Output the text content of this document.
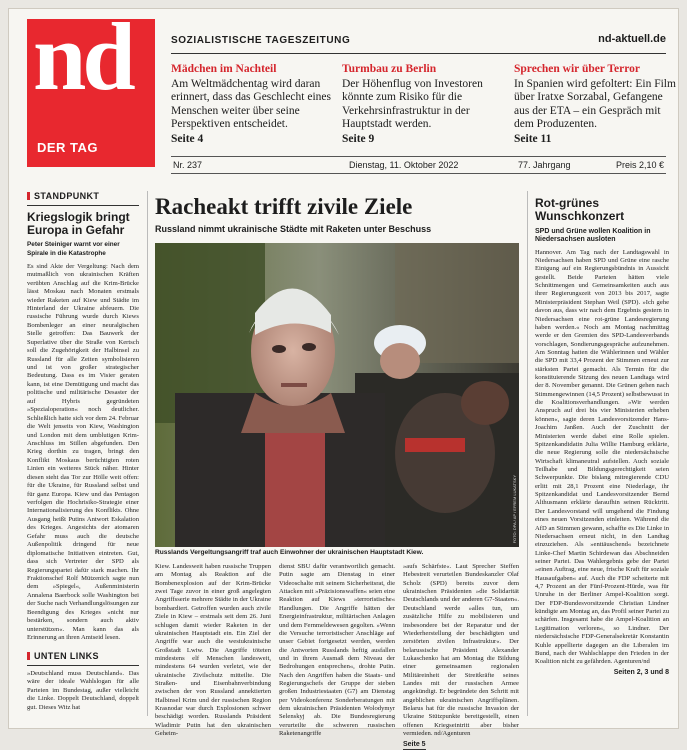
nd
DER TAG
SOZIALISTISCHE TAGESZEITUNG	nd-aktuell.de
Mädchen im Nachteil
Am Weltmädchentag wird daran erinnert, dass das Geschlecht eines Menschen weiter über seine Perspektiven entscheidet.
Seite 4
Turmbau zu Berlin
Der Höhenflug von Investoren könnte zum Risiko für die Verkehrsinfrastruktur in der Hauptstadt werden.
Seite 9
Sprechen wir über Terror
In Spanien wird gefoltert: Ein Film über Iratxe Sorzabal, Gefangene aus der ETA – ein Gespräch mit dem Produzenten.
Seite 11
Nr. 237	Dienstag, 11. Oktober 2022	77. Jahrgang	Preis 2,10 €
STANDPUNKT
Kriegslogik bringt Europa in Gefahr
Peter Steiniger warnt vor einer Spirale in die Katastrophe
Es sind Akte der Vergeltung: Nach dem mutmaßlich von ukrainischen Kräften verübten Anschlag auf die Krim-Brücke lässt Moskau nach Monaten erstmals wieder Raketen auf Kiew und Städte im Hinterland der Ukraine abfeuern. Die russische Führung wurde durch Kiews Bombenleger an einer neuralgischen Stelle getroffen: Das Bauwerk der Superlative über die Straße von Kertsch soll die Zugehörigkeit der Halbinsel zu Russland für alle Zeiten symbolisieren und ist von großer strategischer Bedeutung. Dass es im Visier geraten kann, ist eine Demütigung und macht das politische und militärische Desaster der auf Hybris gegründeten »Spezialoperation« noch deutlicher. Schließlich hatte sich vor dem 24. Februar die Welt jenseits von Kiew, Washington und London mit dem umblutigen Krim-Anschluss im Stillen abgefunden. Den Krieg dorthin zu tragen, bringt den Konflikt Moskaus berüchtigten roten Linien ein weiteres Stück näher. Hinter diesen steht das Tor zur Hölle weit offen: für die Ukraine, für Russland selbst und für ganz Europa. Kiew und das Pentagon verfolgen die Hochrisiko-Strategie einer Internationalisierung des Konflikts. Ohne Ausgang heißt Putins Antwort Eskalation des Krieges. Angesichts der atomaren Gefahr muss auch die deutsche Außenpolitik dringend für neue diplomatische Initiativen eintreten. Gut, dass sich Vertreter der SPD als Regierungspartei dafür stark machen. Ihr Fraktionschef Rolf Mützenich sagte nun dem »Spiegel«, Außenministerin Annalena Baerbock solle Washington bei der Suche nach Verhandlungslösungen zur Beendigung des Krieges »nicht nur bestärken, sondern auch aktiv unterstützen«. Man kann das als Erinnerung an ihren Amtseid lesen.
UNTEN LINKS
»Deutschland muss Deutschland«. Das wäre der ideale Wahlslogan für alle Parteien im Bundestag, außer vielleicht die Linke. Doppelt Deutschland, doppelt gut. Dieses Witz hat
Racheakt trifft zivile Ziele
Russland nimmt ukrainische Städte mit Raketen unter Beschuss
FOTO: DPA / AP / EFREM LUKATSKY
Russlands Vergeltungsangriff traf auch Einwohner der ukrainischen Hauptstadt Kiew.
Kiew. Landesweit haben russische Truppen am Montag als Reaktion auf die Bombenexplosion auf der Krim-Brücke zwei Tage zuvor in einer groß angelegten Angriffsserie mehrere Städte in der Ukraine bombardiert. Getroffen wurden auch zivile Ziele in Kiew – erstmals seit dem 26. Juni schlugen damit wieder Raketen in der ukrainischen Hauptstadt ein. Ein Ziel der Angriffe war auch die westukrainische Großstadt Lwiw. Die Angriffe töteten mindestens elf Menschen landesweit, mindestens 64 wurden verletzt, wie der ukrainische Zivilschutz mitteilte. Die Straßen- und Eisenbahnverbindung zwischen der von Russland annektierten Halbinsel Krim und der russischen Region Krasnodar war durch Explosionen schwer beschädigt worden. Russlands Präsident Wladimir Putin hat den ukrainischen Geheim-
dienst SBU dafür verantwortlich gemacht. Putin sagte am Dienstag in einer Videoschalte mit seinem Sicherheitsrat, die Attacken mit »Präzisionswaffen« seien eine Reaktion auf Kiews »terroristische« Handlungen. Die Angriffe hätten der Energieinfrastruktur, militärischen Anlagen und dem Fernmeldewesen gegolten. »Wenn die Versuche terroristischer Anschläge auf unser Gebiet fortgesetzt werden, werden die Antworten Russlands heftig ausfallen und in ihrem Ausmaß dem Niveau der Bedrohungen entsprechen«, drohte Putin. Nach den Angriffen haben die Staats- und Regierungschefs der Gruppe der sieben großen Industriestaaten (G7) am Dienstag per Videokonferenz Sonderberatungen mit dem ukrainischen Präsidenten Wolodymyr Selenskyj ab. Die Bundesregierung verurteilte die schweren russischen Raketenangriffe
»aufs Schärfste«. Laut Sprecher Steffen Hebestreit verurteilen Bundeskanzler Olaf Scholz (SPD) bereits zuvor dem ukrainischen Präsidenten »die Solidarität Deutschlands und der anderen G7-Staaten«. Deutschland werde »alles tun, um zusätzliche Hilfe zu mobilisieren und insbesondere bei der Reparatur und der Wiederherstellung der beschädigten und zerstörten zivilen Infrastruktur«. Der belarussische Präsident Alexander Lukaschenko hat am Montag die Bildung einer gemeinsamen regionalen Militäreinheit der Streitkräfte seines Landes mit der russischen Armee angekündigt. Er begründete den Schritt mit angeblichen ukrainischen Angriffsplänen. Belarus hat für die russische Invasion der Ukraine Stützpunkte bereitgestellt, einen offenen Kriegseintritt aber bisher vermieden. nd/Agenturen
Seite 5
Rot-grünes Wunschkonzert
SPD und Grüne wollen Koalition in Niedersachsen ausloten
Hannover. Am Tag nach der Landtagswahl in Niedersachsen haben SPD und Grüne eine rasche Einigung auf ein Regierungsbündnis in Aussicht gestellt. Beide Parteien hätten viele Schnittmengen und Gemeinsamkeiten auch aus ihrer Regierungszeit von 2013 bis 2017, sagte Ministerpräsident Stephan Weil (SPD). »Ich gehe davon aus, dass wir nach dem Ergebnis gestern in Niedersachsen eine rot-grüne Landesregierung haben werden.« Noch am Montag nachmittag werde er den Gremien des SPD-Landesverbands vorschlagen, Sondierungsgespräche aufzunehmen. Am Sonntag hatten die Wählerinnen und Wähler die SPD mit 33,4 Prozent der Stimmen erneut zur stärksten Partei gemacht. Als Termin für die konstituierende Sitzung des neuen Landtags wird der 8. November genannt. Die Grünen gehen nach Stimmengewinnen (14,5 Prozent) selbstbewusst in die Koalitionsverhandlungen. »Wir werden Anspruch auf drei bis vier Ministerien erheben können«, sagte deren Landesvorsitzender Hans-Joachim Janßen. Auch der Zuschnitt der Ministerien werde dabei eine Rolle spielen. Spitzenkandidatin Julia Willie Hamburg erklärte, die neue Regierung solle die niedersächsische Wirtschaft klimaneutral aufstellen. Auch soziale Teilhabe und Bildungsgerechtigkeit seien Schwerpunkte. Die bislang mitregierende CDU erlitt mit 28,1 Prozent eine Niederlage, ihr Spitzenkandidat und Landesvorsitzender Bernd Althusmann erklärte daraufhin seinen Rücktritt. Der Landesvorstand will umgehend die Findung eines neuen Vorsitzenden einleiten. Während die AfD an Stimmen gewann, schaffte es Die Linke in Niedersachsen erneut nicht, in den Landtag einzuziehen. Als »enttäuschend« bezeichnete Linke-Chef Martin Schirdewan das Abschneiden seiner Partei. Das Wahlergebnis gebe der Partei »einen Auftrag, eine neue, frische Kraft für soziale Hausaufgaben« auf. Auch die FDP scheiterte mit 4,7 Prozent an der Fünf-Prozent-Hürde, was für Unruhe in der Berliner Ampel-Koalition sorgt. Der FDP-Bundesvorsitzende Christian Lindner kündigte am Montag an, das Profil seiner Partei zu schärfen. Insgesamt habe die Ampel-Koalition an Legitimation verloren«, so Lindner. Der niedersächsische FDP-Generalsekretär Konstantin Kuhle appellierte dagegen an die Liberalen im Bund, nach der Wahlschlappe den Frieden in der Koalition nicht zu gefährden. Agenturen/nd
Seiten 2, 3 und 8
